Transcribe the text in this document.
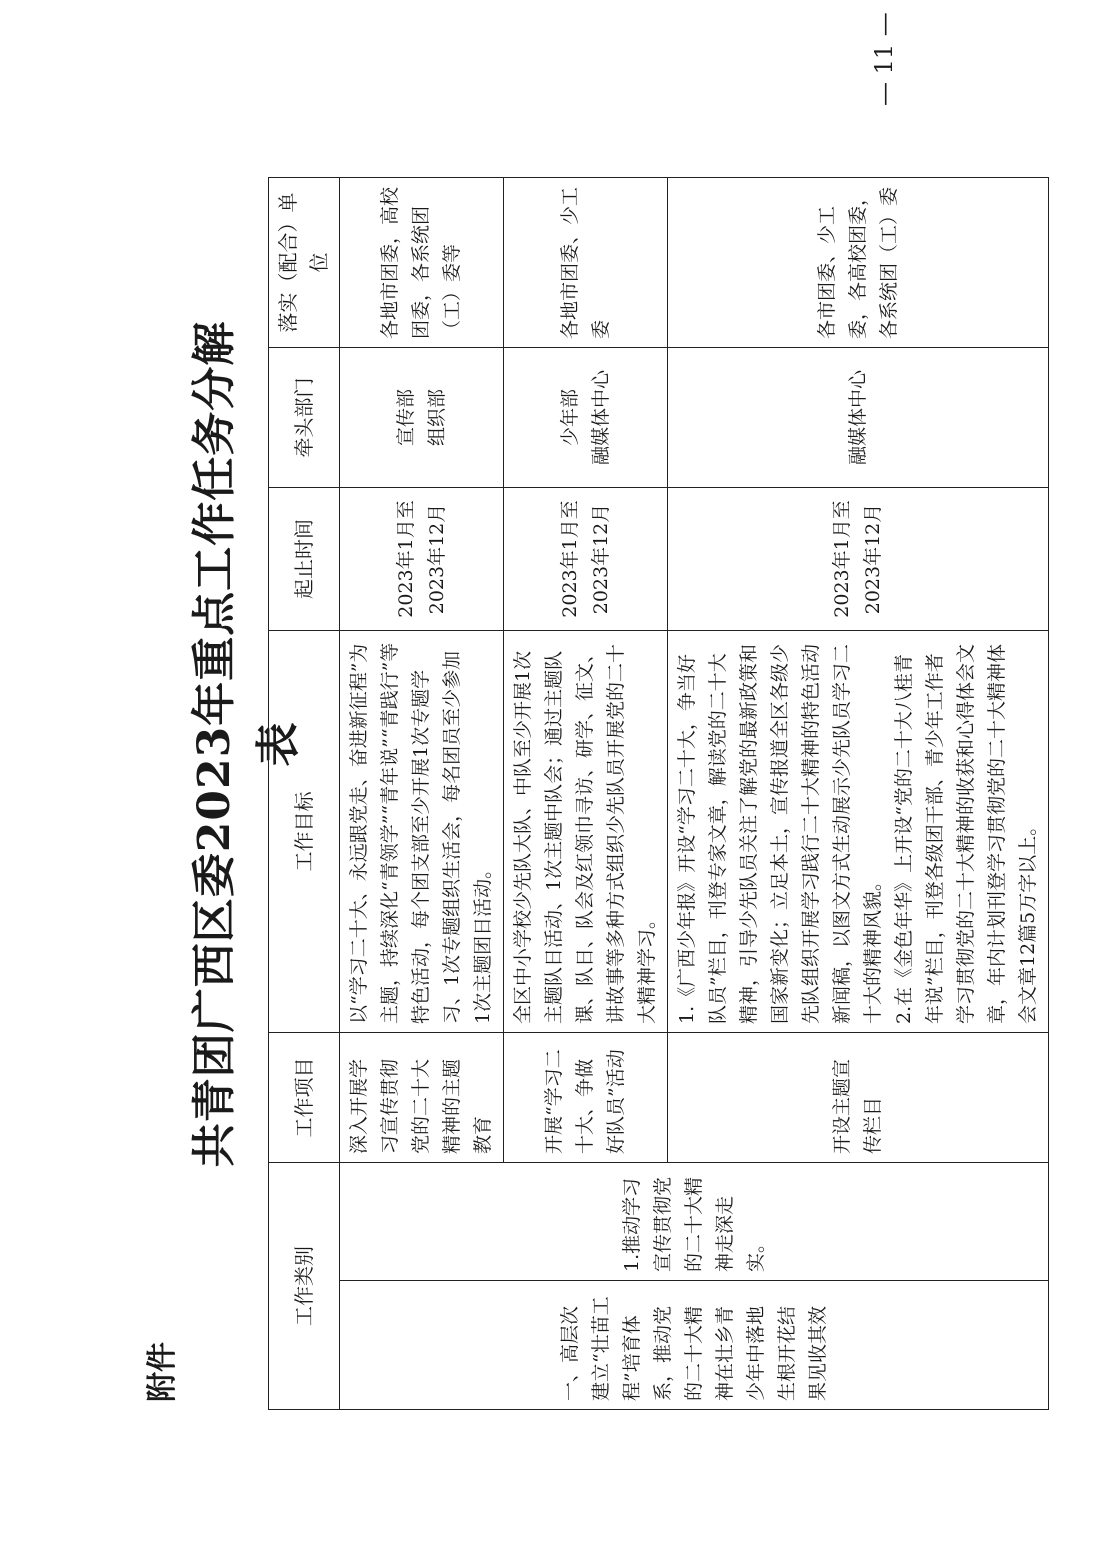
附件
共青团广西区委2023年重点工作任务分解表
工作类别		工作项目	工作目标	起止时间	牵头部门	落实（配合）单位
一、高层次建立“壮苗工程”培育体系，推动党的二十大精神在壮乡青少年中落地生根开花结果见收其效	1.推动学习宣传贯彻党的二十大精神走深走实。	深入开展学习宣传贯彻党的二十大精神的主题教育	以“学习二十大、永远跟党走、奋进新征程”为主题，持续深化“青领学”“青年说”“青践行”等特色活动，每个团支部至少开展1次专题学习、1次专题组织生活会，每名团员至少参加1次主题团日活动。	2023年1月至 2023年12月	宣传部 组织部	各地市团委，高校团委，各系统团（工）委等
		开展“学习二十大、争做好队员”活动	全区中小学校少先队大队、中队至少开展1次主题队日活动、1次主题中队会；通过主题队课、队日、队会及红领巾寻访、研学、征文、讲故事等多种方式组织少先队员开展党的二十大精神学习。	2023年1月至 2023年12月	少年部 融媒体中心	各地市团委、少工委
		开设主题宣传栏目	1.《广西少年报》开设“学习二十大，争当好队员”栏目，刊登专家文章，解读党的二十大精神，引导少先队员关注了解党的最新政策和国家新变化；立足本土，宣传报道全区各级少先队组织开展学习践行二十大精神的特色活动新闻稿，以图文方式生动展示少先队员学习二十大的精神风貌。 2.在《金色年华》上开设“党的二十大八桂青年说”栏目，刊登各级团干部、青少年工作者学习贯彻党的二十大精神的收获和心得体会文章，年内计划刊登学习贯彻党的二十大精神体会文章12篇5万字以上。	2023年1月至 2023年12月	融媒体中心	各市团委、少工委，各高校团委，各系统团（工）委
— 11 —
